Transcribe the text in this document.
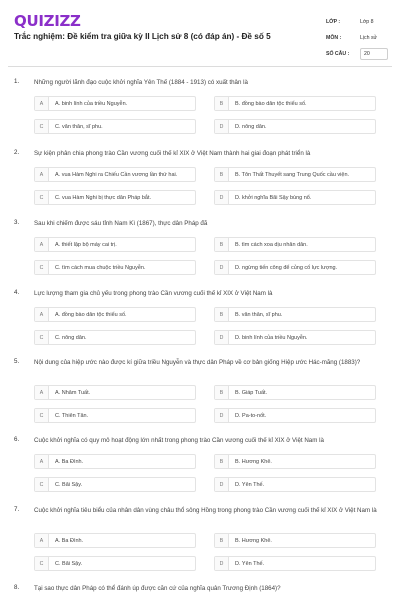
QUIZIZZ
Trắc nghiệm: Đề kiểm tra giữa kỳ II Lịch sử 8 (có đáp án) - Đề số 5
LỚP :	Lớp 8
MÔN :	Lịch sử
SỐ CÂU :	20
1. Những người lãnh đạo cuộc khởi nghĩa Yên Thế (1884 - 1913) có xuất thân là
A	A. binh lính của triều Nguyễn.	B	B. đồng bào dân tộc thiểu số.
C	C. văn thân, sĩ phu.	D	D. nông dân.
2. Sự kiện phân chia phong trào Cần vương cuối thế kỉ XIX ở Việt Nam thành hai giai đoạn phát triển là
A	A. vua Hàm Nghi ra Chiếu Cần vương lần thứ hai.	B	B. Tôn Thất Thuyết sang Trung Quốc cầu viện.
C	C. vua Hàm Nghi bị thực dân Pháp bắt.	D	D. khởi nghĩa Bãi Sậy bùng nổ.
3. Sau khi chiếm được sáu tỉnh Nam Kì (1867), thực dân Pháp đã
A	A. thiết lập bộ máy cai trị.	B	B. tìm cách xoa dịu nhân dân.
C	C. tìm cách mua chuộc triều Nguyễn.	D	D. ngừng tiến công để củng cố lực lượng.
4. Lực lượng tham gia chủ yếu trong phong trào Cần vương cuối thế kỉ XIX ở Việt Nam là
A	A. đồng bào dân tộc thiểu số.	B	B. văn thân, sĩ phu.
C	C. nông dân.	D	D. binh lính của triều Nguyễn.
5. Nội dung của hiệp ước nào được kí giữa triều Nguyễn và thực dân Pháp về cơ bản giống Hiệp ước Hác-măng (1883)?
A	A. Nhâm Tuất.	B	B. Giáp Tuất.
C	C. Thiên Tân.	D	D. Pa-to-nốt.
6. Cuộc khởi nghĩa có quy mô hoạt động lớn nhất trong phong trào Cần vương cuối thế kỉ XIX ở Việt Nam là
A	A. Ba Đình.	B	B. Hương Khê.
C	C. Bãi Sậy.	D	D. Yên Thế.
7. Cuộc khởi nghĩa tiêu biểu của nhân dân vùng châu thổ sông Hồng trong phong trào Cần vương cuối thế kỉ XIX ở Việt Nam là
A	A. Ba Đình.	B	B. Hương Khê.
C	C. Bãi Sậy.	D	D. Yên Thế.
8. Tại sao thực dân Pháp có thể đánh úp được căn cứ của nghĩa quân Trương Định (1864)?
